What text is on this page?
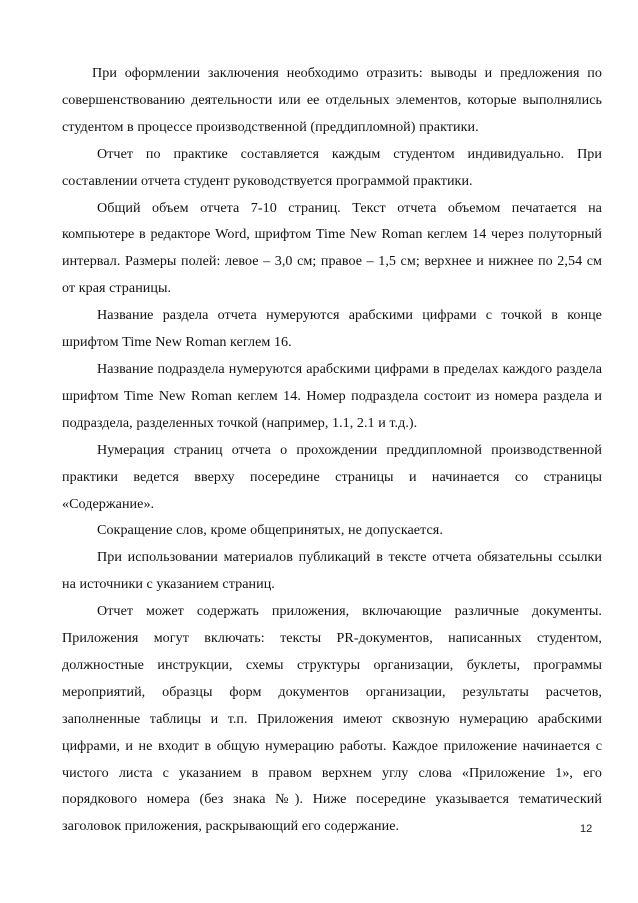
При оформлении заключения необходимо отразить: выводы и предложения по совершенствованию деятельности или ее отдельных элементов, которые выполнялись студентом в процессе производственной (преддипломной) практики.

Отчет по практике составляется каждым студентом индивидуально. При составлении отчета студент руководствуется программой практики.

Общий объем отчета 7-10 страниц. Текст отчета объемом печатается на компьютере в редакторе Word, шрифтом Time New Roman кеглем 14 через полуторный интервал. Размеры полей: левое – 3,0 см; правое – 1,5 см; верхнее и нижнее по 2,54 см от края страницы.

Название раздела отчета нумеруются арабскими цифрами с точкой в конце шрифтом Time New Roman кеглем 16.

Название подраздела нумеруются арабскими цифрами в пределах каждого раздела шрифтом Time New Roman кеглем 14. Номер подраздела состоит из номера раздела и подраздела, разделенных точкой (например, 1.1, 2.1 и т.д.).

Нумерация страниц отчета о прохождении преддипломной производственной практики ведется вверху посередине страницы и начинается со страницы «Содержание».

Сокращение слов, кроме общепринятых, не допускается.

При использовании материалов публикаций в тексте отчета обязательны ссылки на источники с указанием страниц.

Отчет может содержать приложения, включающие различные документы. Приложения могут включать: тексты PR-документов, написанных студентом, должностные инструкции, схемы структуры организации, буклеты, программы мероприятий, образцы форм документов организации, результаты расчетов, заполненные таблицы и т.п. Приложения имеют сквозную нумерацию арабскими цифрами, и не входит в общую нумерацию работы. Каждое приложение начинается с чистого листа с указанием в правом верхнем углу слова «Приложение 1», его порядкового номера (без знака №). Ниже посередине указывается тематический заголовок приложения, раскрывающий его содержание.	12
